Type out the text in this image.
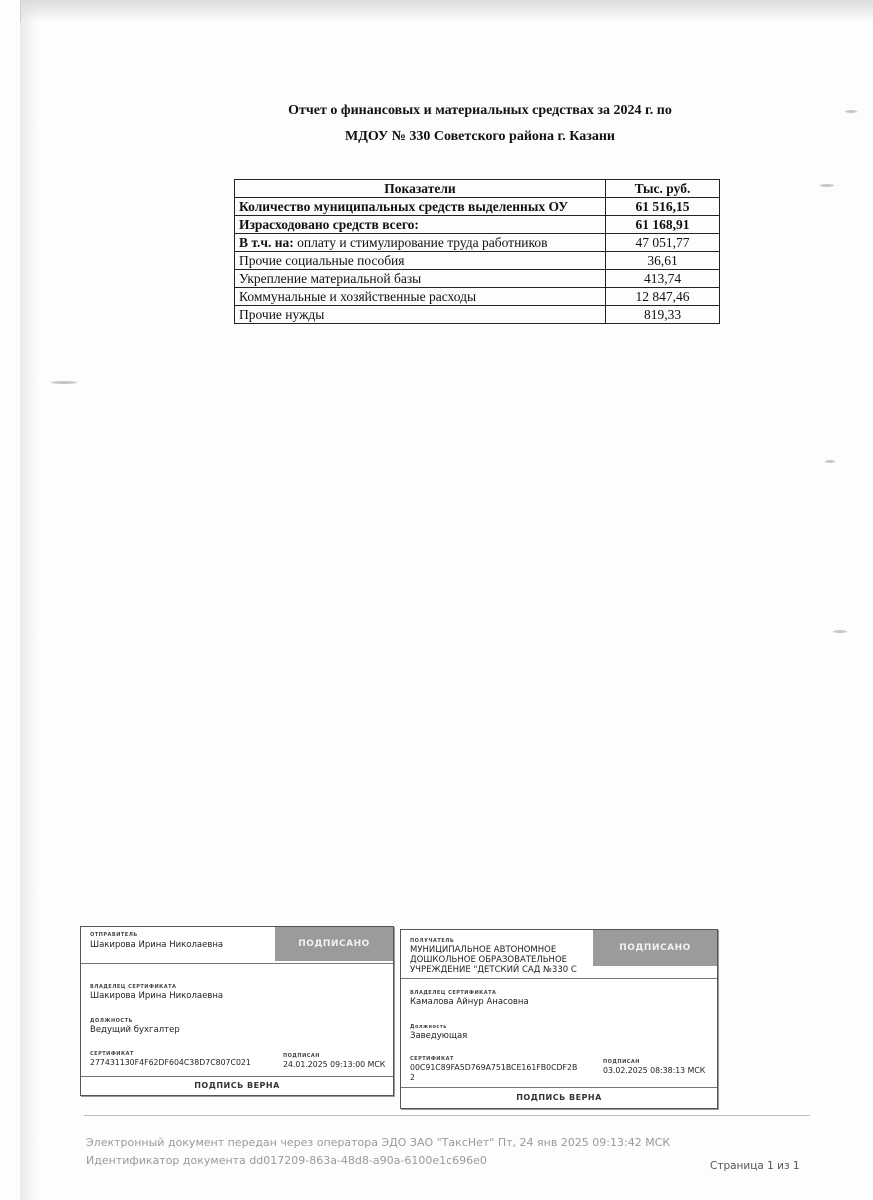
Отчет о финансовых и материальных средствах за 2024 г. по
МДОУ № 330 Советского района г. Казани
Показатели	Тыс. руб.
Количество муниципальных средств выделенных ОУ	61 516,15
Израсходовано средств всего:	61 168,91
В т.ч. на: оплату и стимулирование труда работников	47 051,77
Прочие социальные пособия	36,61
Укрепление материальной базы	413,74
Коммунальные и хозяйственные расходы	12 847,46
Прочие нужды	819,33
ПОДПИСАНО
ОТПРАВИТЕЛЬ
Шакирова Ирина Николаевна
ВЛАДЕЛЕЦ СЕРТИФИКАТА
Шакирова Ирина Николаевна
ДОЛЖНОСТЬ
Ведущий бухгалтер
СЕРТИФИКАТ
277431130F4F62DF604C38D7C807C021
ПОДПИСАН
24.01.2025 09:13:00 МСК
ПОДПИСЬ ВЕРНА
ПОДПИСАНО
ПОЛУЧАТЕЛЬ
МУНИЦИПАЛЬНОЕ АВТОНОМНОЕ
ДОШКОЛЬНОЕ ОБРАЗОВАТЕЛЬНОЕ
УЧРЕЖДЕНИЕ "ДЕТСКИЙ САД №330 С
ВЛАДЕЛЕЦ СЕРТИФИКАТА
Камалова Айнур Анасовна
Должность
Заведующая
СЕРТИФИКАТ
00C91C89FA5D769A751BCE161FB0CDF2B
2
ПОДПИСАН
03.02.2025 08:38:13 МСК
ПОДПИСЬ ВЕРНА
Электронный документ передан через оператора ЭДО ЗАО "ТаксНет" Пт, 24 янв 2025 09:13:42 МСК
Идентификатор документа dd017209-863a-48d8-a90a-6100e1c696e0	Страница 1 из 1
